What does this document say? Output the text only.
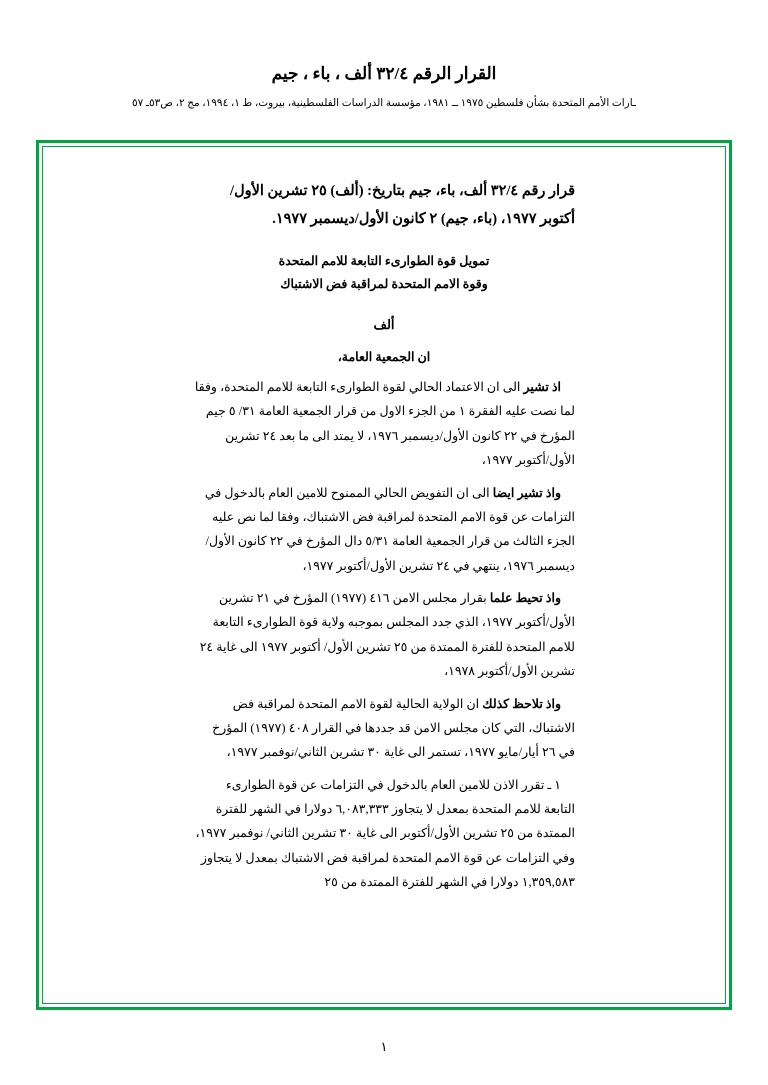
القرار الرقم ٣٢/٤ ألف ، باء ، جيم
ـارات الأمم المتحدة بشأن فلسطين ١٩٧٥ ــ ١٩٨١، مؤسسة الدراسات الفلسطينية، بيروت، ط ١، ١٩٩٤، مج ٢، ص٥٣ـ ٥٧
قرار رقم ٣٢/٤ ألف، باء، جيم بتاريخ: (ألف) ٢٥ تشرين الأول/ أكتوبر ١٩٧٧، (باء، جيم) ٢ كانون الأول/ديسمبر ١٩٧٧.
تمويل قوة الطوارىء التابعة للامم المتحدة
وقوة الامم المتحدة لمراقبة فض الاشتباك
ألف
ان الجمعية العامة،

اذ تشير الى ان الاعتماد الحالي لقوة الطوارىء التابعة للامم المتحدة، وفقا لما نصت عليه الفقرة ١ من الجزء الاول من قرار الجمعية العامة ٣١/ ٥ جيم المؤرخ في ٢٢ كانون الأول/ديسمبر ١٩٧٦، لا يمتد الى ما بعد ٢٤ تشرين الأول/أكتوبر ١٩٧٧،

واذ تشير ايضا الى ان التفويض الحالي الممنوح للامين العام بالدخول في التزامات عن قوة الامم المتحدة لمراقبة فض الاشتباك، وفقا لما نص عليه الجزء الثالث من قرار الجمعية العامة ٥/٣١ دال المؤرخ في ٢٢ كانون الأول/ديسمبر ١٩٧٦، ينتهي في ٢٤ تشرين الأول/أكتوبر ١٩٧٧،

واذ تحيط علما بقرار مجلس الامن ٤١٦ (١٩٧٧) المؤرخ في ٢١ تشرين الأول/أكتوبر ١٩٧٧، الذي جدد المجلس بموجبه ولاية قوة الطوارىء التابعة للامم المتحدة للفترة الممتدة من ٢٥ تشرين الأول/ أكتوبر ١٩٧٧ الى غاية ٢٤ تشرين الأول/أكتوبر ١٩٧٨،

واذ تلاحظ كذلك ان الولاية الحالية لقوة الامم المتحدة لمراقبة فض الاشتباك، التي كان مجلس الامن قد جددها في القرار ٤٠٨ (١٩٧٧) المؤرخ في ٢٦ أيار/مايو ١٩٧٧، تستمر الى غاية ٣٠ تشرين الثاني/نوفمبر ١٩٧٧،

١ ـ تقرر الاذن للامين العام بالدخول في التزامات عن قوة الطوارىء التابعة للامم المتحدة بمعدل لا يتجاوز ٦,٠٨٣,٣٣٣ دولارا في الشهر للفترة الممتدة من ٢٥ تشرين الأول/أكتوبر الى غاية ٣٠ تشرين الثاني/ نوفمبر ١٩٧٧، وفي التزامات عن قوة الامم المتحدة لمراقبة فض الاشتباك بمعدل لا يتجاوز ١,٣٥٩,٥٨٣ دولارا في الشهر للفترة الممتدة من ٢٥

١
